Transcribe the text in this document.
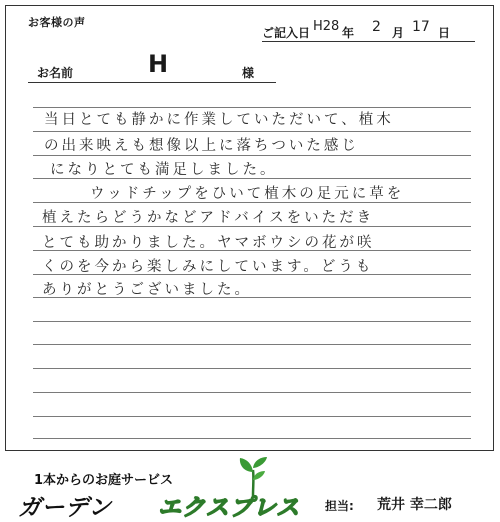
お客様の声
ご記入日 H28 年 2 月 17 日
お名前	H	様
当日とても静かに作業していただいて、植木
の出来映えも想像以上に落ちついた感じ
になりとても満足しました。
ウッドチップをひいて植木の足元に草を
植えたらどうかなどアドバイスをいただき
とても助かりました。ヤマボウシの花が咲
くのを今から楽しみにしています。どうも
ありがとうございました。
1本からのお庭サービス
ガーデン エクスプレス 担当: 荒井 幸二郎
